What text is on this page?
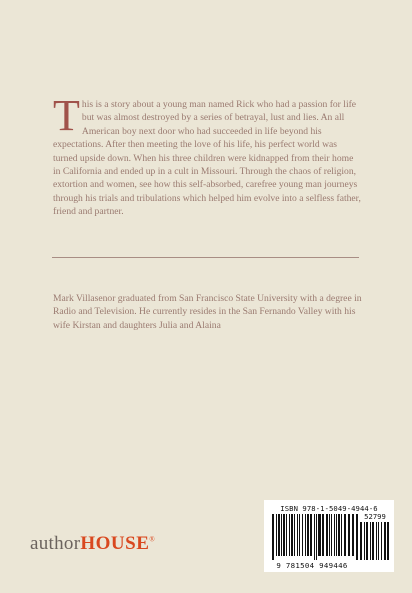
This is a story about a young man named Rick who had a passion for life but was almost destroyed by a series of betrayal, lust and lies. An all American boy next door who had succeeded in life beyond his expectations. After then meeting the love of his life, his perfect world was turned upside down. When his three children were kidnapped from their home in California and ended up in a cult in Missouri. Through the chaos of religion, extortion and women, see how this self-absorbed, carefree young man journeys through his trials and tribulations which helped him evolve into a selfless father, friend and partner.
Mark Villasenor graduated from San Francisco State University with a degree in Radio and Television. He currently resides in the San Fernando Valley with his wife Kirstan and daughters Julia and Alaina
authorHOUSE®
ISBN 978-1-5049-4944-6
52799
9 781504 949446
